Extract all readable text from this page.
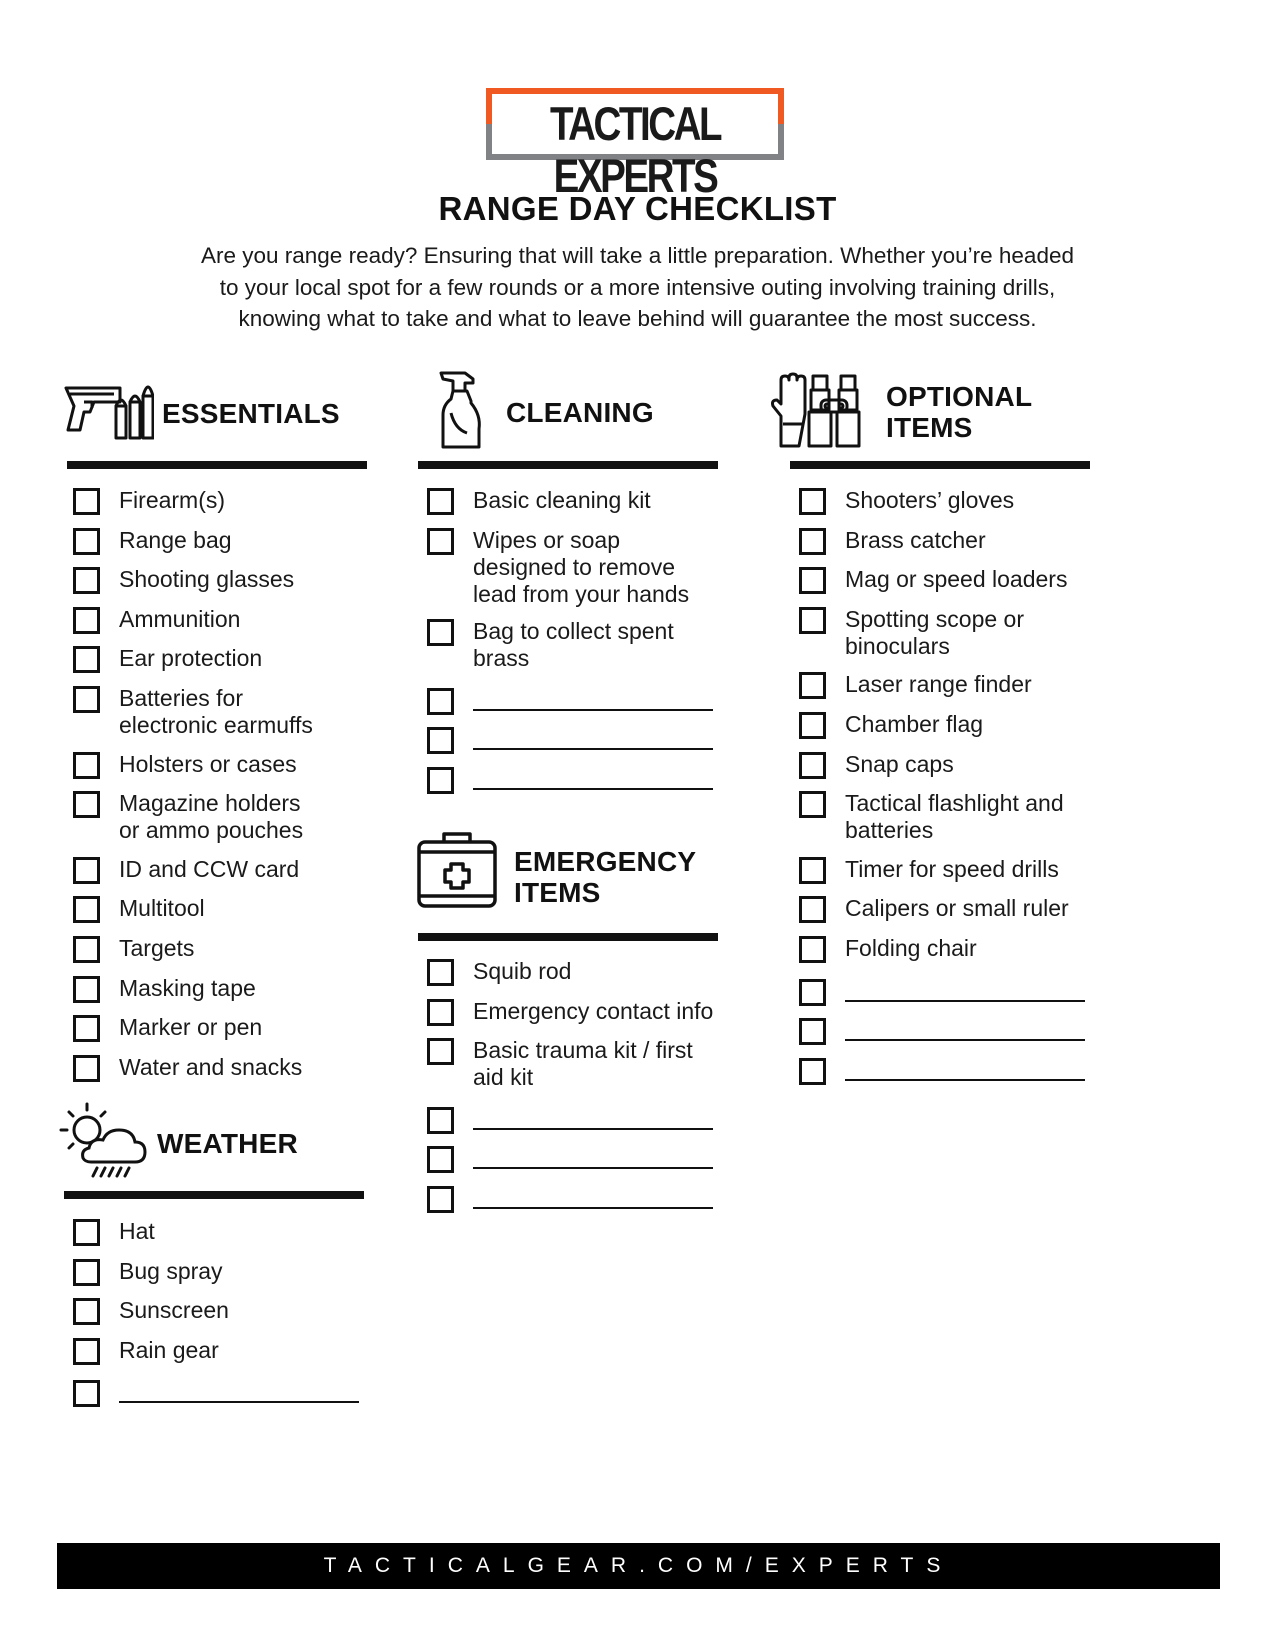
TACTICAL EXPERTS
RANGE DAY CHECKLIST
Are you range ready? Ensuring that will take a little preparation. Whether you’re headed
to your local spot for a few rounds or a more intensive outing involving training drills,
knowing what to take and what to leave behind will guarantee the most success.
ESSENTIALS
Firearm(s)
Range bag
Shooting glasses
Ammunition
Ear protection
Batteries for
electronic earmuffs
Holsters or cases
Magazine holders
or ammo pouches
ID and CCW card
Multitool
Targets
Masking tape
Marker or pen
Water and snacks
WEATHER
Hat
Bug spray
Sunscreen
Rain gear
CLEANING
Basic cleaning kit
Wipes or soap
designed to remove
lead from your hands
Bag to collect spent
brass
EMERGENCY
ITEMS
Squib rod
Emergency contact info
Basic trauma kit / first
aid kit
OPTIONAL
ITEMS
Shooters’ gloves
Brass catcher
Mag or speed loaders
Spotting scope or
binoculars
Laser range finder
Chamber flag
Snap caps
Tactical flashlight and
batteries
Timer for speed drills
Calipers or small ruler
Folding chair
TACTICALGEAR.COM/EXPERTS
